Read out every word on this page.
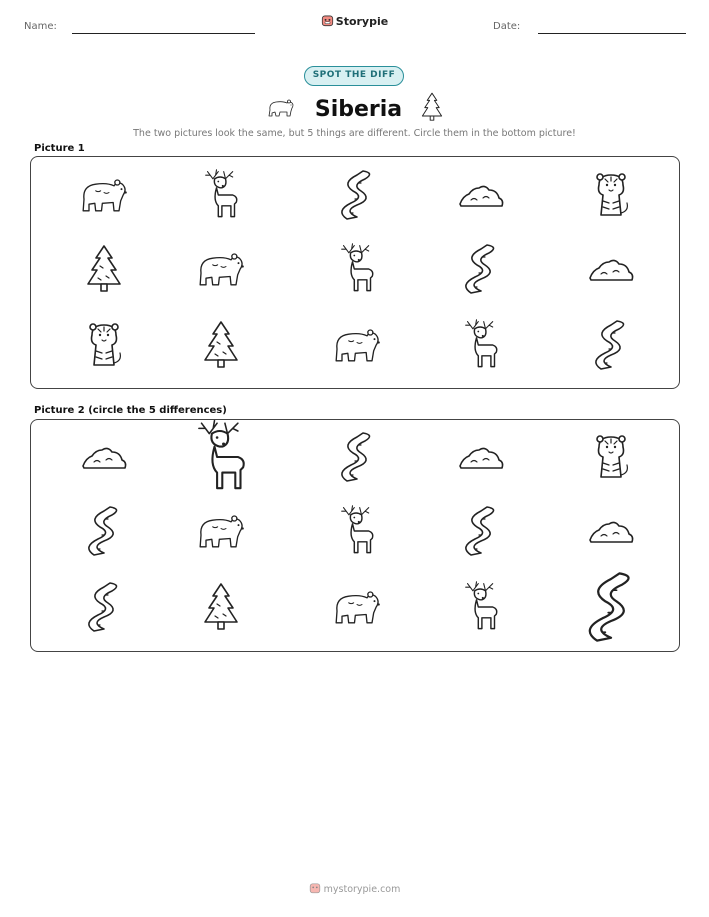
Name:	Storypie	Date:
SPOT THE DIFF
Siberia
The two pictures look the same, but 5 things are different. Circle them in the bottom picture!
Picture 1
Picture 2 (circle the 5 differences)
mystorypie.com
